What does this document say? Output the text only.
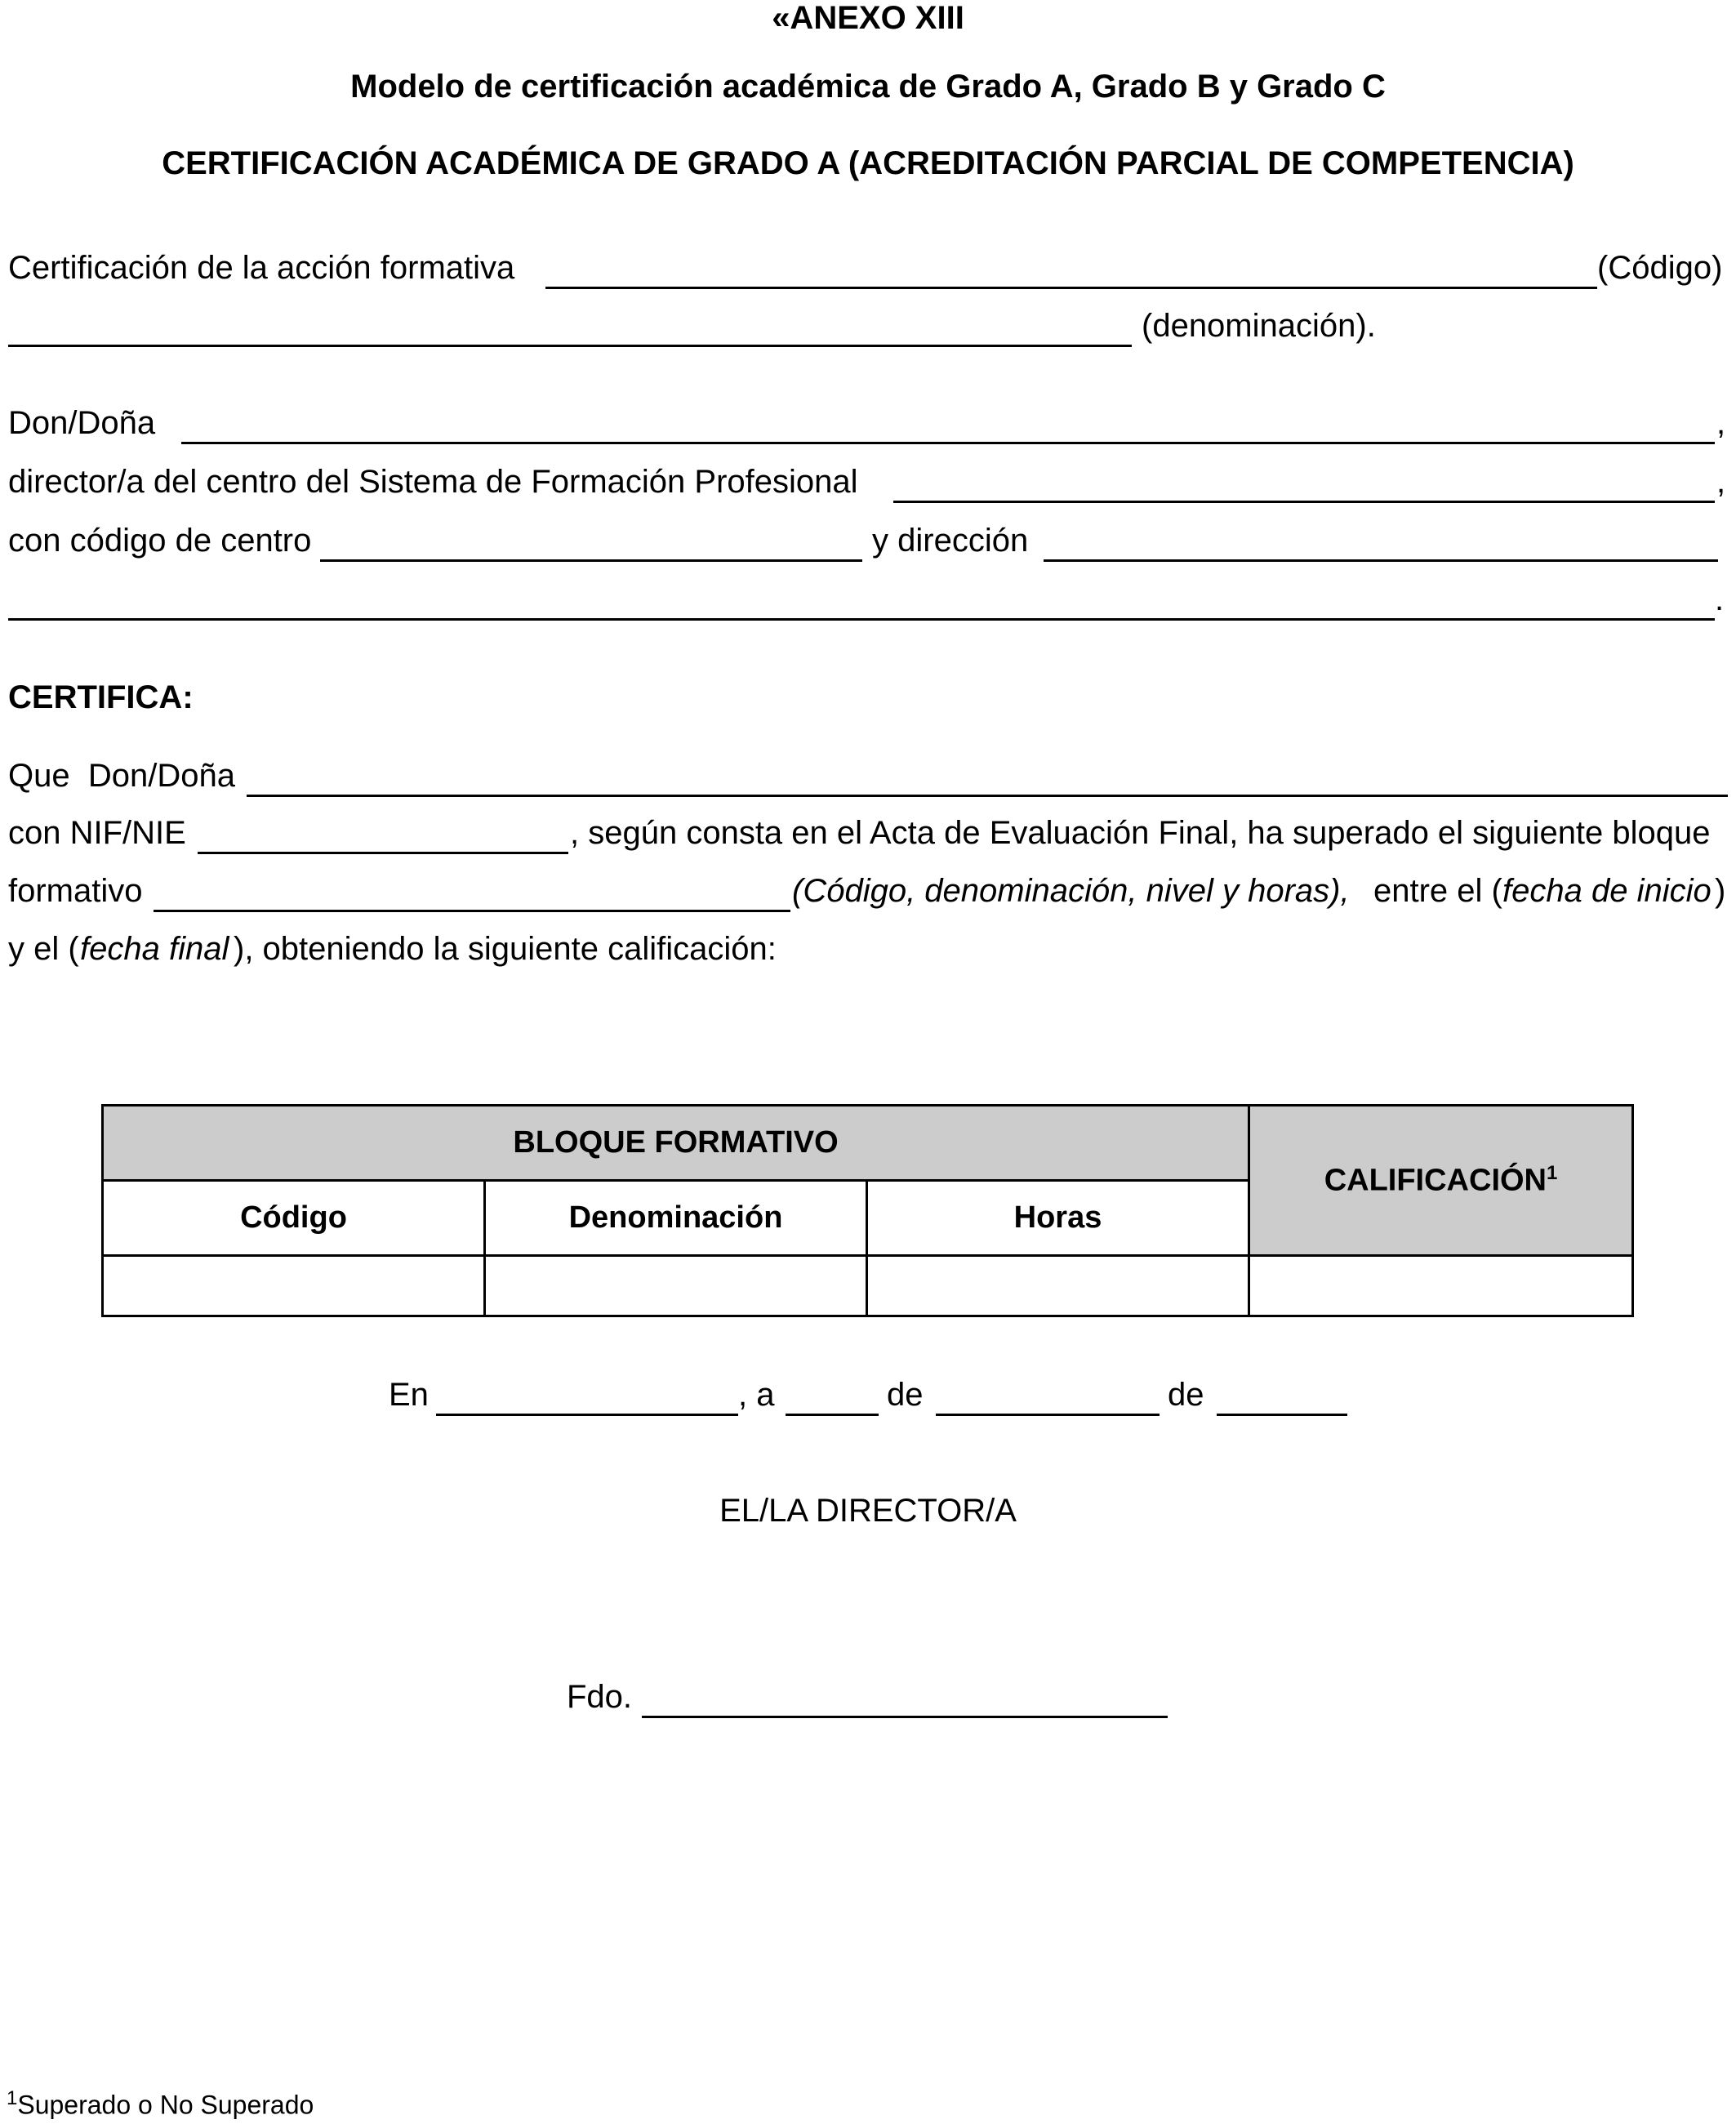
«ANEXO XIII
Modelo de certificación académica de Grado A, Grado B y Grado C
CERTIFICACIÓN ACADÉMICA DE GRADO A (ACREDITACIÓN PARCIAL DE COMPETENCIA)
Certificación de la acción formativa	(Código)
(denominación).
Don/Doña	,
director/a del centro del Sistema de Formación Profesional	,
con código de centro	y dirección
.
CERTIFICA:
Que  Don/Doña
con NIF/NIE	, según consta en el Acta de Evaluación Final, ha superado el siguiente bloque
formativo	(Código, denominación, nivel y horas), entre el ( fecha de inicio )
y el ( fecha final ), obteniendo la siguiente calificación:
BLOQUE FORMATIVO			CALIFICACIÓN$^1$
Código	Denominación	Horas	

En	, a	de	de
EL/LA DIRECTOR/A
Fdo.
$^1$Superado o No Superado
